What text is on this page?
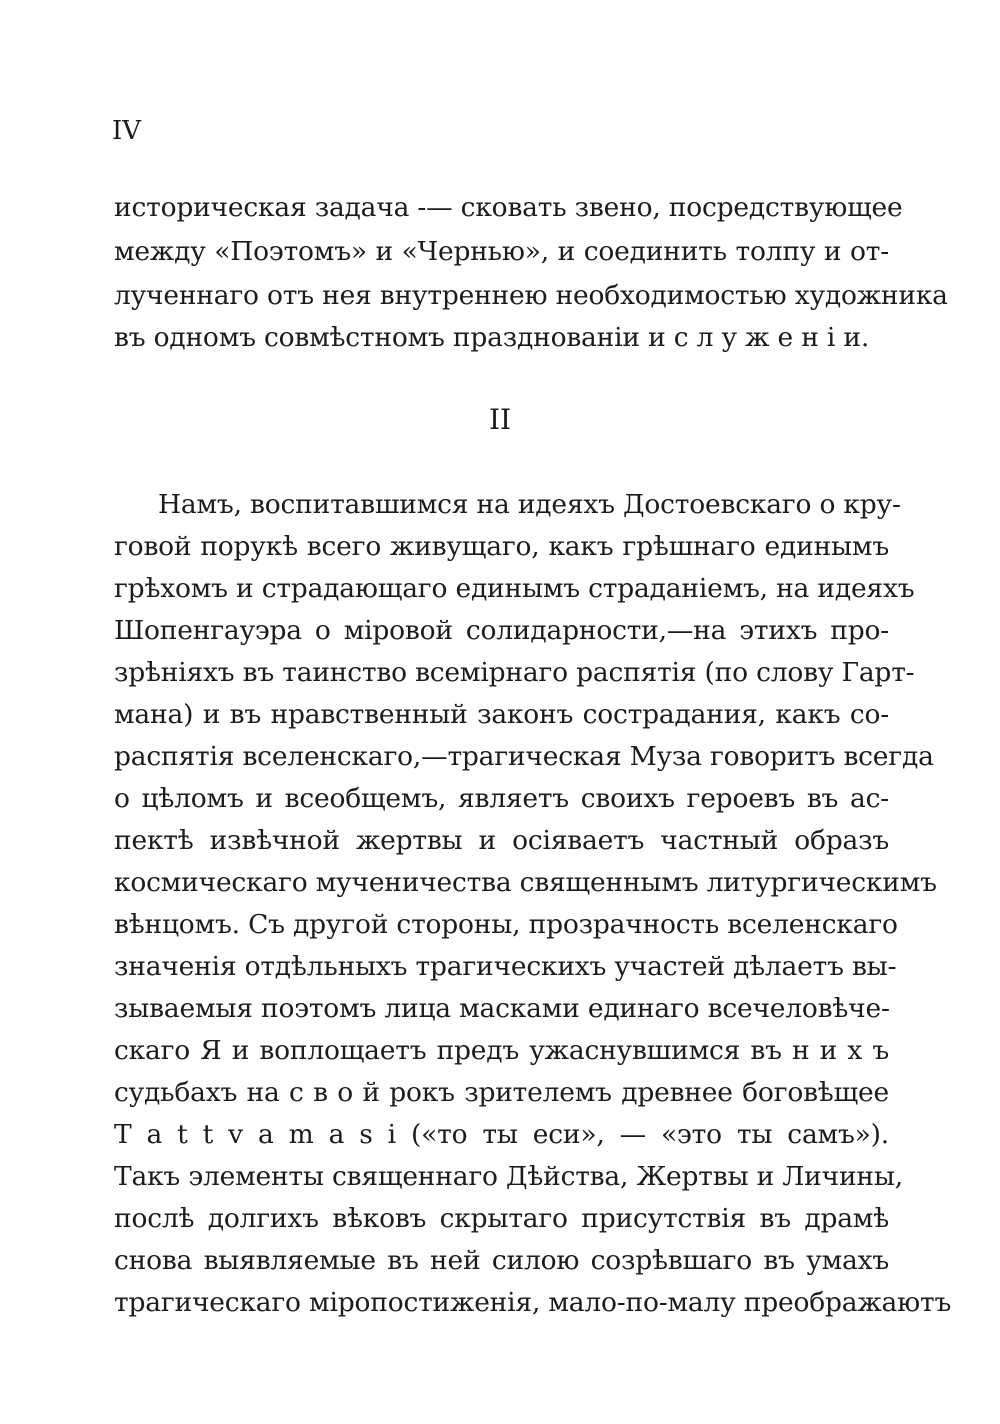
IV
историческая задача -— сковать звено, посредствующее
между «Поэтомъ» и «Чернью», и соединить толпу и от-
лученнаго отъ нея внутреннею необходимостью художника
въ одномъ совмѣстномъ празднованіи и с л у ж е н і и.
II
Намъ, воспитавшимся на идеяхъ Достоевскаго о кру-
говой порукѣ всего живущаго, какъ грѣшнаго единымъ
грѣхомъ и страдающаго единымъ страданіемъ, на идеяхъ
Шопенгауэра о міровой солидарности,—на этихъ про-
зрѣніяхъ въ таинство всемірнаго распятія (по слову Гарт-
мана) и въ нравственный законъ сострадания, какъ со-
распятія вселенскаго,—трагическая Муза говоритъ всегда
о цѣломъ и всеобщемъ, являетъ своихъ героевъ въ ас-
пектѣ извѣчной жертвы и осіяваетъ частный образъ
космическаго мученичества священнымъ литургическимъ
вѣнцомъ. Съ другой стороны, прозрачность вселенскаго
значенія отдѣльныхъ трагическихъ участей дѣлаетъ вы-
зываемыя поэтомъ лица масками единаго всечеловѣче-
скаго Я и воплощаетъ предъ ужаснувшимся въ н и х ъ
судьбахъ на с в о й рокъ зрителемъ древнее боговѣщее
T a t t v a m a s i («то ты еси», — «это ты самъ»).
Такъ элементы священнаго Дѣйства, Жертвы и Личины,
послѣ долгихъ вѣковъ скрытаго присутствія въ драмѣ
снова выявляемые въ ней силою созрѣвшаго въ умахъ
трагическаго міропостиженія, мало-по-малу преображаютъ
